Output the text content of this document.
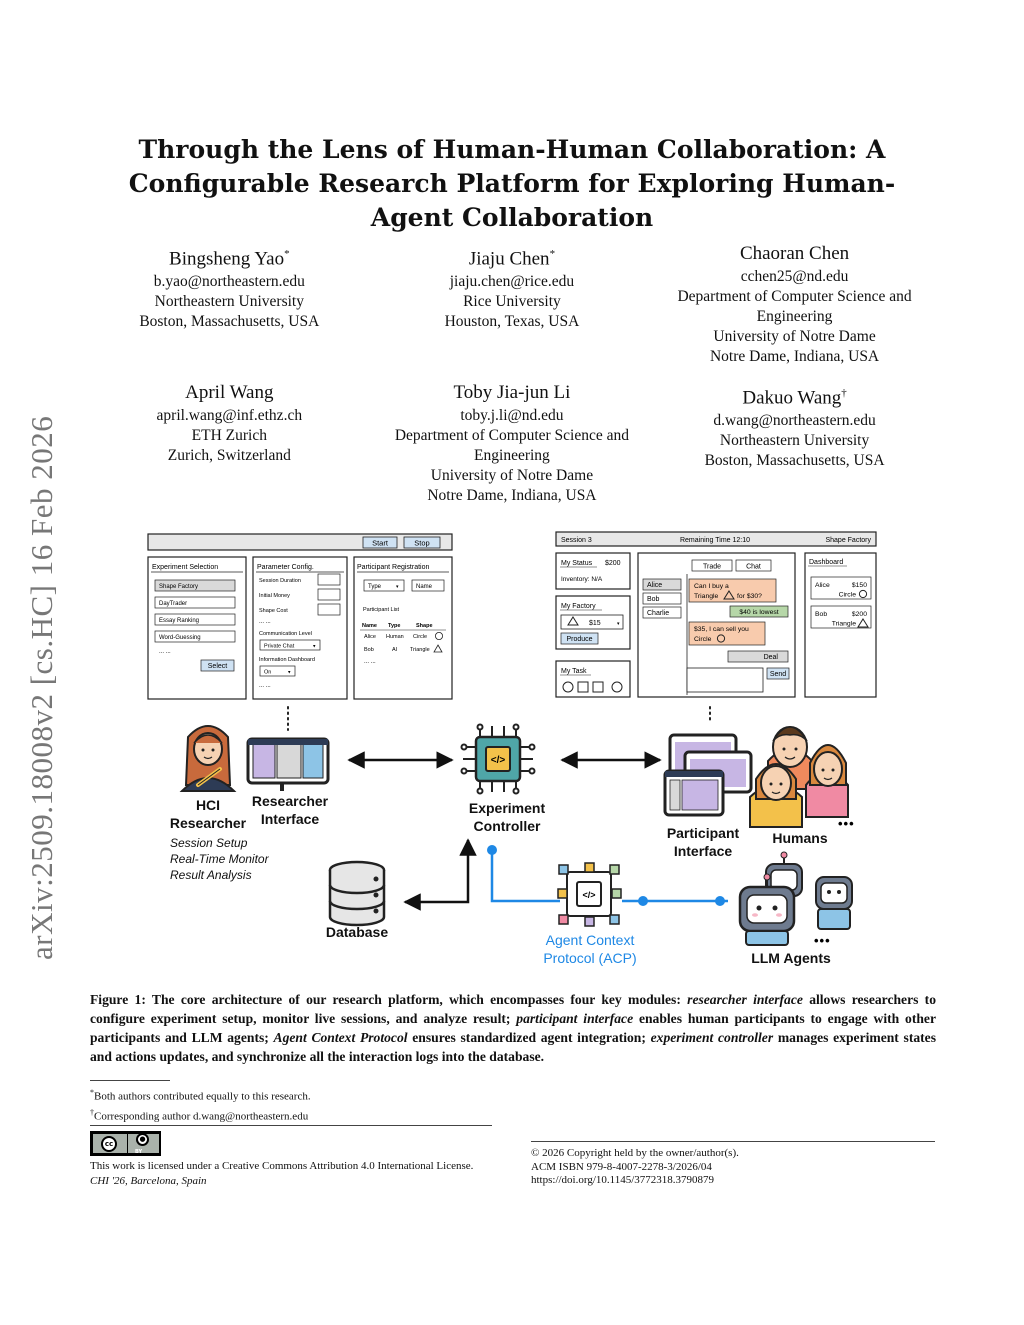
arXiv:2509.18008v2 [cs.HC] 16 Feb 2026
Through the Lens of Human-Human Collaboration: A Configurable Research Platform for Exploring Human-Agent Collaboration
Bingsheng Yao*
b.yao@northeastern.edu
Northeastern University
Boston, Massachusetts, USA
Jiaju Chen*
jiaju.chen@rice.edu
Rice University
Houston, Texas, USA
Chaoran Chen
cchen25@nd.edu
Department of Computer Science and
Engineering
University of Notre Dame
Notre Dame, Indiana, USA
April Wang
april.wang@inf.ethz.ch
ETH Zurich
Zurich, Switzerland
Toby Jia-jun Li
toby.j.li@nd.edu
Department of Computer Science and
Engineering
University of Notre Dame
Notre Dame, Indiana, USA
Dakuo Wang†
d.wang@northeastern.edu
Northeastern University
Boston, Massachusetts, USA
Start	Stop
Experiment Selection
Shape Factory
DayTrader
Essay Ranking
Word-Guessing
... ...
Select
Parameter Config.
Session Duration
Initial Money
Shape Cost
... ...
Communication Level
Private Chat	▾
Information Dashboard
On	▾
... ...
Participant Registration
Type	▾	Name
Participant List
Name Type	Shape
Alice Human Circle
Bob	AI Triangle
... ...
Session 3	Remaining Time 12:10	Shape Factory
My Status $200
Inventory: N/A
My Factory
$15	▾
Produce
My Task
Trade	Chat
Alice
Bob
Charlie
Can I buy a
Triangle	for $30?
$40 is lowest
$35, I can sell you
Circle
Deal
Send
Dashboard
Alice	$150
Circle
Bob	$200
Triangle
</>
•••
</>
•••
HCI
Researcher
Researcher
Interface
Experiment
Controller	Participant
Interface
Humans
Database
LLM Agents
Agent Context
Protocol (ACP)
Session Setup
Real-Time Monitor
Result Analysis

Figure 1: The core architecture of our research platform, which encompasses four key modules: researcher interface allows researchers to configure experiment setup, monitor live sessions, and analyze result; participant interface enables human participants to engage with other participants and LLM agents; Agent Context Protocol ensures standardized agent integration; experiment controller manages experiment states and actions updates, and synchronize all the interaction logs into the database.

*Both authors contributed equally to this research.
†Corresponding author d.wang@northeastern.edu
cc
●
BY
This work is licensed under a Creative Commons Attribution 4.0 International License.
CHI '26, Barcelona, Spain
© 2026 Copyright held by the owner/author(s).
ACM ISBN 979-8-4007-2278-3/2026/04
https://doi.org/10.1145/3772318.3790879
